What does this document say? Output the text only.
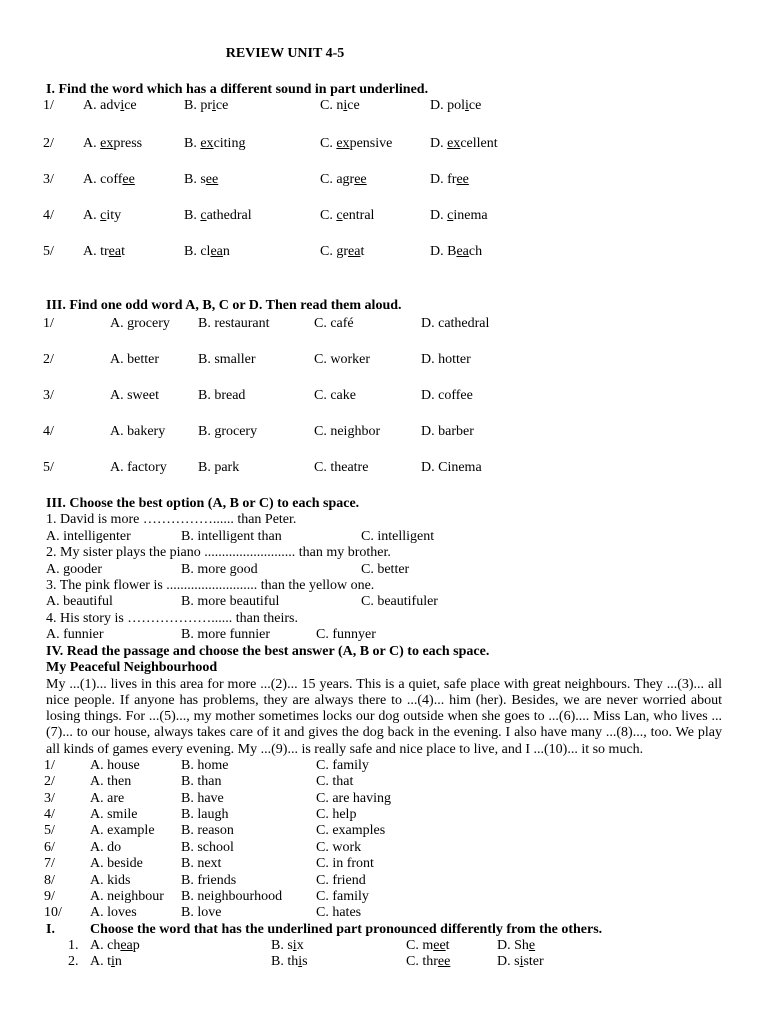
REVIEW UNIT 4-5
I. Find the word which has a different sound in part underlined.
1/ A. advice	B. price	C. nice	D. police
2/ A. express	B. exciting	C. expensive	D. excellent
3/ A. coffee	B. see	C. agree	D. free
4/ A. city	B. cathedral	C. central	D. cinema
5/ A. treat	B. clean	C. great	D. Beach
III. Find one odd word A, B, C or D. Then read them aloud.
1/	A. grocery B. restaurant	C. café	D. cathedral
2/	A. better	B. smaller	C. worker	D. hotter
3/	A. sweet	B. bread	C. cake	D. coffee
4/	A. bakery B. grocery	C. neighbor	D. barber
5/	A. factory B. park	C. theatre	D. Cinema
III. Choose the best option (A, B or C) to each space.
1. David is more ……………...... than Peter.
A. intelligenter	B. intelligent than	C. intelligent
2. My sister plays the piano .......................... than my brother.
A. gooder	B. more good	C. better
3. The pink flower is .......................... than the yellow one.
A. beautiful	B. more beautiful	C. beautifuler
4. His story is ………………...... than theirs.
A. funnier	B. more funnier	C. funnyer
IV. Read the passage and choose the best answer (A, B or C) to each space.
My Peaceful Neighbourhood

My ...(1)... lives in this area for more ...(2)... 15 years. This is a quiet, safe place with great neighbours. They ...(3)... all nice people. If anyone has problems, they are always there to ...(4)... him (her). Besides, we are never worried about losing things. For ...(5)..., my mother sometimes locks our dog outside when she goes to ...(6).... Miss Lan, who lives ...(7)... to our house, always takes care of it and gives the dog back in the evening. I also have many ...(8)..., too. We play all kinds of games every evening. My ...(9)... is really safe and nice place to live, and I ...(10)... it so much.

1/	A. house	B. home	C. family
2/	A. then	B. than	C. that
3/	A. are	B. have	C. are having
4/	A. smile	B. laugh	C. help
5/	A. example B. reason	C. examples
6/	A. do	B. school	C. work
7/	A. beside	B. next	C. in front
8/	A. kids	B. friends	C. friend
9/	A. neighbour B. neighbourhood C. family
10/ A. loves	B. love	C. hates
I.	Choose the word that has the underlined part pronounced differently from the others.
1. A. cheap	B. six	C. meet	D. She
2. A. tin	B. this	C. three	D. sister
